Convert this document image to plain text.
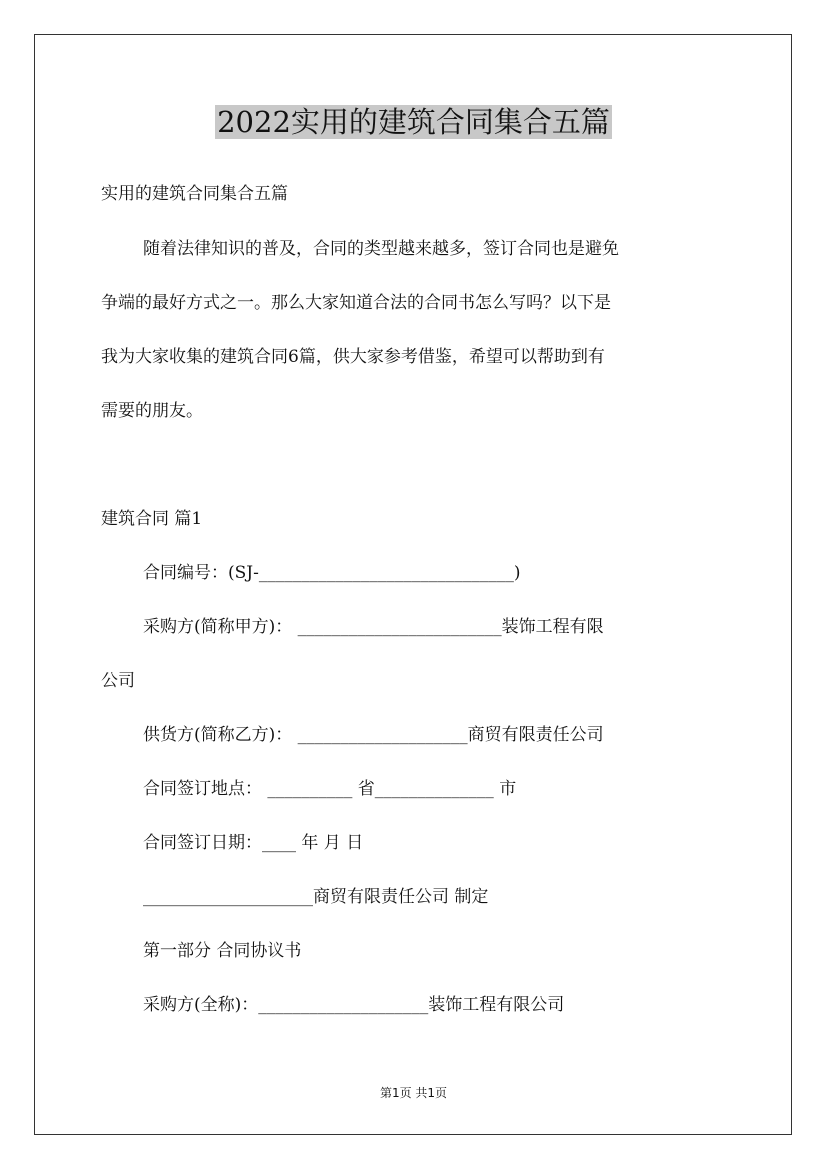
2022实用的建筑合同集合五篇
实用的建筑合同集合五篇
随着法律知识的普及，合同的类型越来越多，签订合同也是避免
争端的最好方式之一。那么大家知道合法的合同书怎么写吗？以下是
我为大家收集的建筑合同6篇，供大家参考借鉴，希望可以帮助到有
需要的朋友。
建筑合同 篇1
合同编号：(SJ-______________________________)
采购方(简称甲方)： ________________________装饰工程有限
公司
供货方(简称乙方)： ____________________商贸有限责任公司
合同签订地点： __________ 省______________ 市
合同签订日期：____ 年 月 日
____________________商贸有限责任公司 制定
第一部分 合同协议书
采购方(全称)：____________________装饰工程有限公司
第1页 共1页
